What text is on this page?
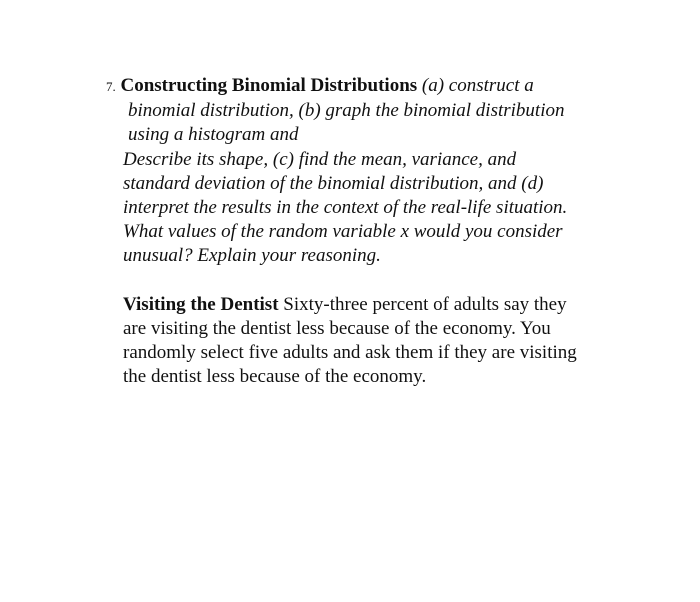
7. Constructing Binomial Distributions (a) construct a
binomial distribution, (b) graph the binomial distribution
using a histogram and
Describe its shape, (c) find the mean, variance, and
standard deviation of the binomial distribution, and (d)
interpret the results in the context of the real-life situation.
What values of the random variable x would you consider
unusual? Explain your reasoning.
Visiting the Dentist Sixty-three percent of adults say they
are visiting the dentist less because of the economy. You
randomly select five adults and ask them if they are visiting
the dentist less because of the economy.
